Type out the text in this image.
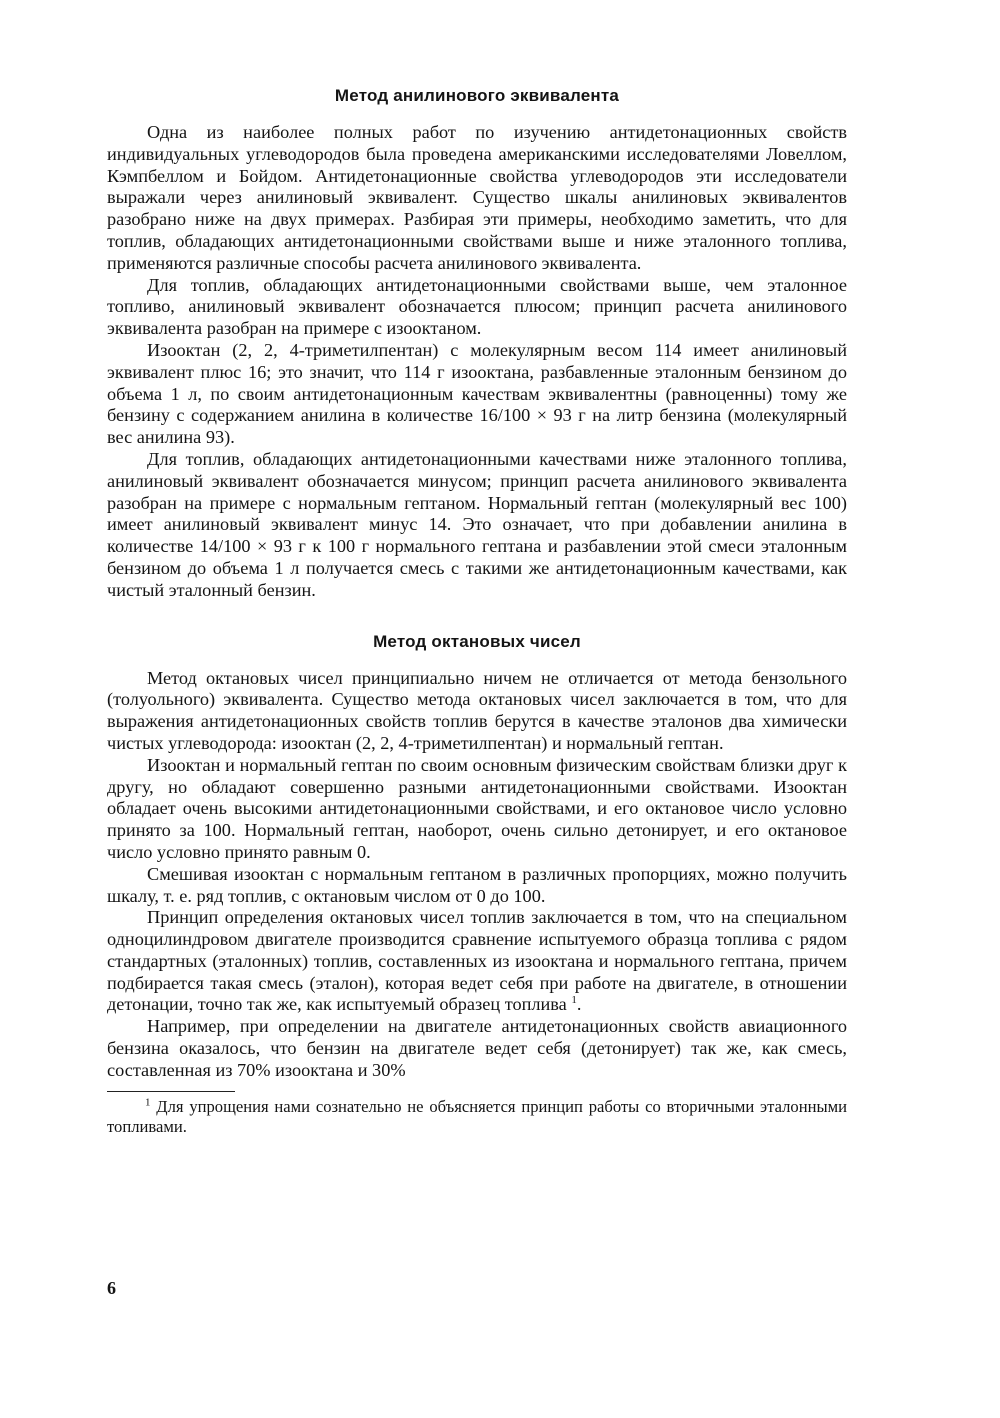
Метод анилинового эквивалента

Одна из наиболее полных работ по изучению антидетонационных свойств индивидуальных углеводородов была проведена американскими исследователями Ловеллом, Кэмпбеллом и Бойдом. Антидетонационные свойства углеводородов эти исследователи выражали через анилиновый эквивалент. Существо шкалы анилиновых эквивалентов разобрано ниже на двух примерах. Разбирая эти примеры, необходимо заметить, что для топлив, обладающих антидетонационными свойствами выше и ниже эталонного топлива, применяются различные способы расчета анилинового эквивалента.

Для топлив, обладающих антидетонационными свойствами выше, чем эталонное топливо, анилиновый эквивалент обозначается плюсом; принцип расчета анилинового эквивалента разобран на примере с изооктаном.

Изооктан (2, 2, 4-триметилпентан) с молекулярным весом 114 имеет анилиновый эквивалент плюс 16; это значит, что 114 г изооктана, разбавленные эталонным бензином до объема 1 л, по своим антидетонационным качествам эквивалентны (равноценны) тому же бензину с содержанием анилина в количестве 16/100 × 93 г на литр бензина (молекулярный вес анилина 93).

Для топлив, обладающих антидетонационными качествами ниже эталонного топлива, анилиновый эквивалент обозначается минусом; принцип расчета анилинового эквивалента разобран на примере с нормальным гептаном. Нормальный гептан (молекулярный вес 100) имеет анилиновый эквивалент минус 14. Это означает, что при добавлении анилина в количестве 14/100 × 93 г к 100 г нормального гептана и разбавлении этой смеси эталонным бензином до объема 1 л получается смесь с такими же антидетонационным качествами, как чистый эталонный бензин.

Метод октановых чисел

Метод октановых чисел принципиально ничем не отличается от метода бензольного (толуольного) эквивалента. Существо метода октановых чисел заключается в том, что для выражения антидетонационных свойств топлив берутся в качестве эталонов два химически чистых углеводорода: изооктан (2, 2, 4-триметилпентан) и нормальный гептан.

Изооктан и нормальный гептан по своим основным физическим свойствам близки друг к другу, но обладают совершенно разными антидетонационными свойствами. Изооктан обладает очень высокими антидетонационными свойствами, и его октановое число условно принято за 100. Нормальный гептан, наоборот, очень сильно детонирует, и его октановое число условно принято равным 0.

Смешивая изооктан с нормальным гептаном в различных пропорциях, можно получить шкалу, т. е. ряд топлив, с октановым числом от 0 до 100.

Принцип определения октановых чисел топлив заключается в том, что на специальном одноцилиндровом двигателе производится сравнение испытуемого образца топлива с рядом стандартных (эталонных) топлив, составленных из изооктана и нормального гептана, причем подбирается такая смесь (эталон), которая ведет себя при работе на двигателе, в отношении детонации, точно так же, как испытуемый образец топлива $^1$.

Например, при определении на двигателе антидетонационных свойств авиационного бензина оказалось, что бензин на двигателе ведет себя (детонирует) так же, как смесь, составленная из 70% изооктана и 30%

$^1$ Для упрощения нами сознательно не объясняется принцип работы со вторичными эталонными топливами.

6
